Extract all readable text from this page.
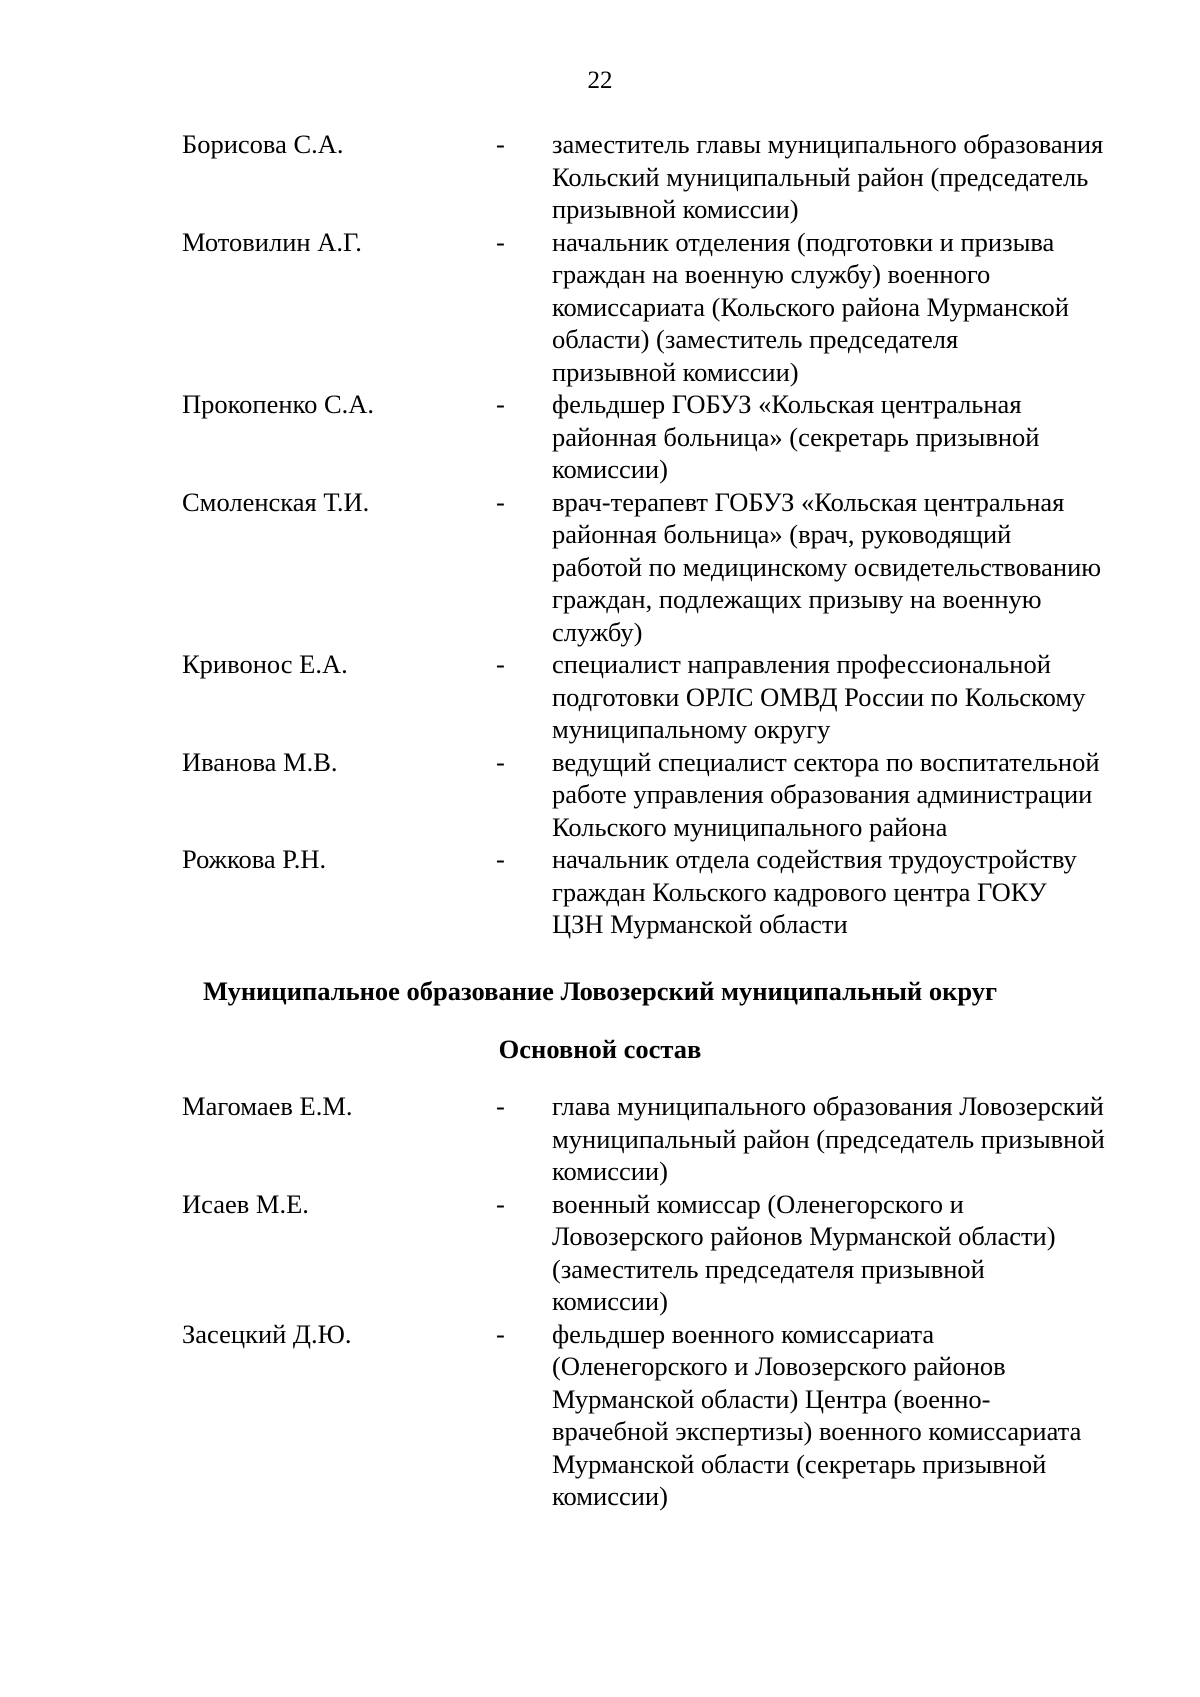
22
Борисова С.А.	- заместитель главы муниципального образования
Кольский муниципальный район (председатель
призывной комиссии)
Мотовилин А.Г.	- начальник отделения (подготовки и призыва
граждан на военную службу) военного
комиссариата (Кольского района Мурманской
области) (заместитель председателя
призывной комиссии)
Прокопенко С.А.	- фельдшер ГОБУЗ «Кольская центральная
районная больница» (секретарь призывной
комиссии)
Смоленская Т.И.	- врач-терапевт ГОБУЗ «Кольская центральная
районная больница» (врач, руководящий
работой по медицинскому освидетельствованию
граждан, подлежащих призыву на военную
службу)
Кривонос Е.А.	- специалист направления профессиональной
подготовки ОРЛС ОМВД России по Кольскому
муниципальному округу
Иванова М.В.	- ведущий специалист сектора по воспитательной
работе управления образования администрации
Кольского муниципального района
Рожкова Р.Н.	- начальник отдела содействия трудоустройству
граждан Кольского кадрового центра ГОКУ
ЦЗН Мурманской области
Муниципальное образование Ловозерский муниципальный округ
Основной состав
Магомаев Е.М.	- глава муниципального образования Ловозерский
муниципальный район (председатель призывной
комиссии)
Исаев М.Е.	- военный комиссар (Оленегорского и
Ловозерского районов Мурманской области)
(заместитель председателя призывной
комиссии)
Засецкий Д.Ю.	- фельдшер военного комиссариата
(Оленегорского и Ловозерского районов
Мурманской области) Центра (военно-
врачебной экспертизы) военного комиссариата
Мурманской области (секретарь призывной
комиссии)
